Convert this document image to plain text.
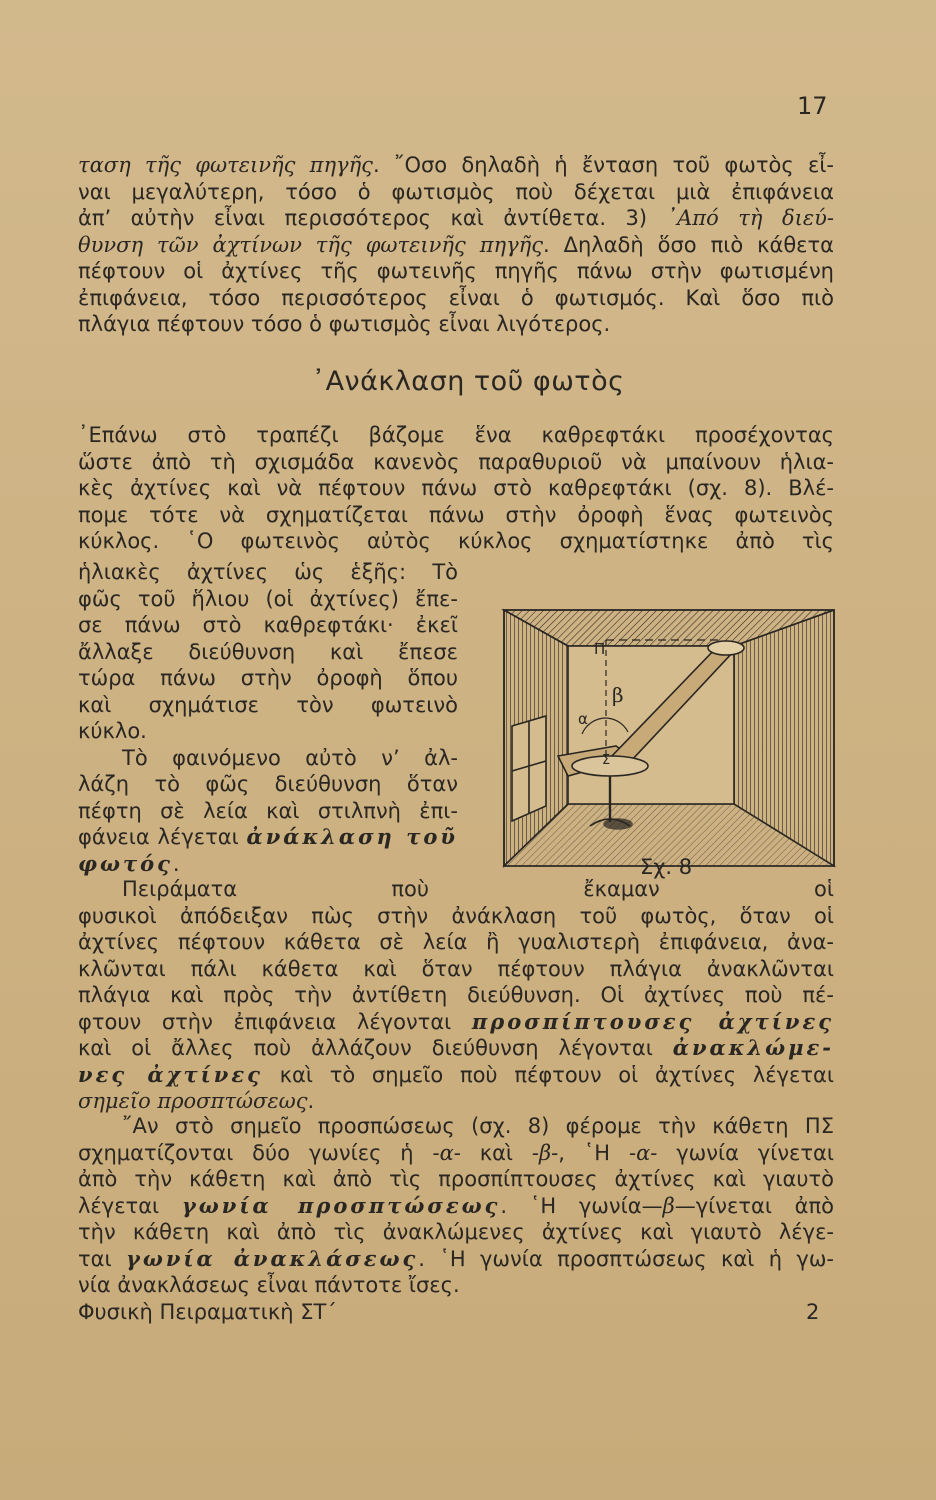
17

ταση τῆς φωτεινῆς πηγῆς. ῎Οσο δηλαδὴ ἡ ἔνταση τοῦ φωτὸς εἶ-

ναι μεγαλύτερη, τόσο ὁ φωτισμὸς ποὺ δέχεται μιὰ ἐπιφάνεια

ἀπ’ αὐτὴν εἶναι περισσότερος καὶ ἀντίθετα. 3) ᾿Από τὴ διεύ-

θυνση τῶν ἀχτίνων τῆς φωτεινῆς πηγῆς. Δηλαδὴ ὅσο πιὸ κάθετα

πέφτουν οἱ ἀχτίνες τῆς φωτεινῆς πηγῆς πάνω στὴν φωτισμένη

ἐπιφάνεια, τόσο περισσότερος εἶναι ὁ φωτισμός. Καὶ ὅσο πιὸ

πλάγια πέφτουν τόσο ὁ φωτισμὸς εἶναι λιγότερος.

᾿Ανάκλαση τοῦ φωτὸς

᾿Επάνω στὸ τραπέζι βάζομε ἕνα καθρεφτάκι προσέχοντας

ὥστε ἀπὸ τὴ σχισμάδα κανενὸς παραθυριοῦ νὰ μπαίνουν ἡλια-

κὲς ἀχτίνες καὶ νὰ πέφτουν πάνω στὸ καθρεφτάκι (σχ. 8). Βλέ-

πομε τότε νὰ σχηματίζεται πάνω στὴν ὀροφὴ ἕνας φωτεινὸς

κύκλος. ῾Ο φωτεινὸς αὐτὸς κύκλος σχηματίστηκε ἀπὸ τὶς

ἡλιακὲς ἀχτίνες ὡς ἑξῆς: Τὸ

φῶς τοῦ ἥλιου (οἱ ἀχτίνες) ἔπε-

σε πάνω στὸ καθρεφτάκι· ἐκεῖ

ἄλλαξε διεύθυνση καὶ ἔπεσε

τώρα πάνω στὴν ὀροφὴ ὅπου

καὶ σχημάτισε τὸν φωτεινὸ

κύκλο.

Τὸ φαινόμενο αὐτὸ ν’ ἀλ-

λάζη τὸ φῶς διεύθυνση ὅταν

πέφτη σὲ λεία καὶ στιλπνὴ ἐπι-

φάνεια λέγεται ἀνάκλαση τοῦ

φωτός.

Π
α
β
Σ
Σχ. 8

Πειράματα ποὺ ἔκαμαν οἱ

φυσικοὶ ἀπόδειξαν πὼς στὴν ἀνάκλαση τοῦ φωτὸς, ὅταν οἱ

ἀχτίνες πέφτουν κάθετα σὲ λεία ἢ γυαλιστερὴ ἐπιφάνεια, ἀνα-

κλῶνται πάλι κάθετα καὶ ὅταν πέφτουν πλάγια ἀνακλῶνται

πλάγια καὶ πρὸς τὴν ἀντίθετη διεύθυνση. Οἱ ἀχτίνες ποὺ πέ-

φτουν στὴν ἐπιφάνεια λέγονται προσπίπτουσες ἀχτίνες

καὶ οἱ ἄλλες ποὺ ἀλλάζουν διεύθυνση λέγονται ἀνακλώμε-

νες ἀχτίνες καὶ τὸ σημεῖο ποὺ πέφτουν οἱ ἀχτίνες λέγεται

σημεῖο προσπτώσεως.

῎Αν στὸ σημεῖο προσπώσεως (σχ. 8) φέρομε τὴν κάθετη ΠΣ

σχηματίζονται δύο γωνίες ἡ -α- καὶ -β-, ῾Η -α- γωνία γίνεται

ἀπὸ τὴν κάθετη καὶ ἀπὸ τὶς προσπίπτουσες ἀχτίνες καὶ γιαυτὸ

λέγεται γωνία προσπτώσεως. ῾Η γωνία—β—γίνεται ἀπὸ

τὴν κάθετη καὶ ἀπὸ τὶς ἀνακλώμενες ἀχτίνες καὶ γιαυτὸ λέγε-

ται γωνία ἀνακλάσεως. ῾Η γωνία προσπτώσεως καὶ ἡ γω-

νία ἀνακλάσεως εἶναι πάντοτε ἴσες.

Φυσικὴ Πειραματικὴ ΣΤ΄	2
